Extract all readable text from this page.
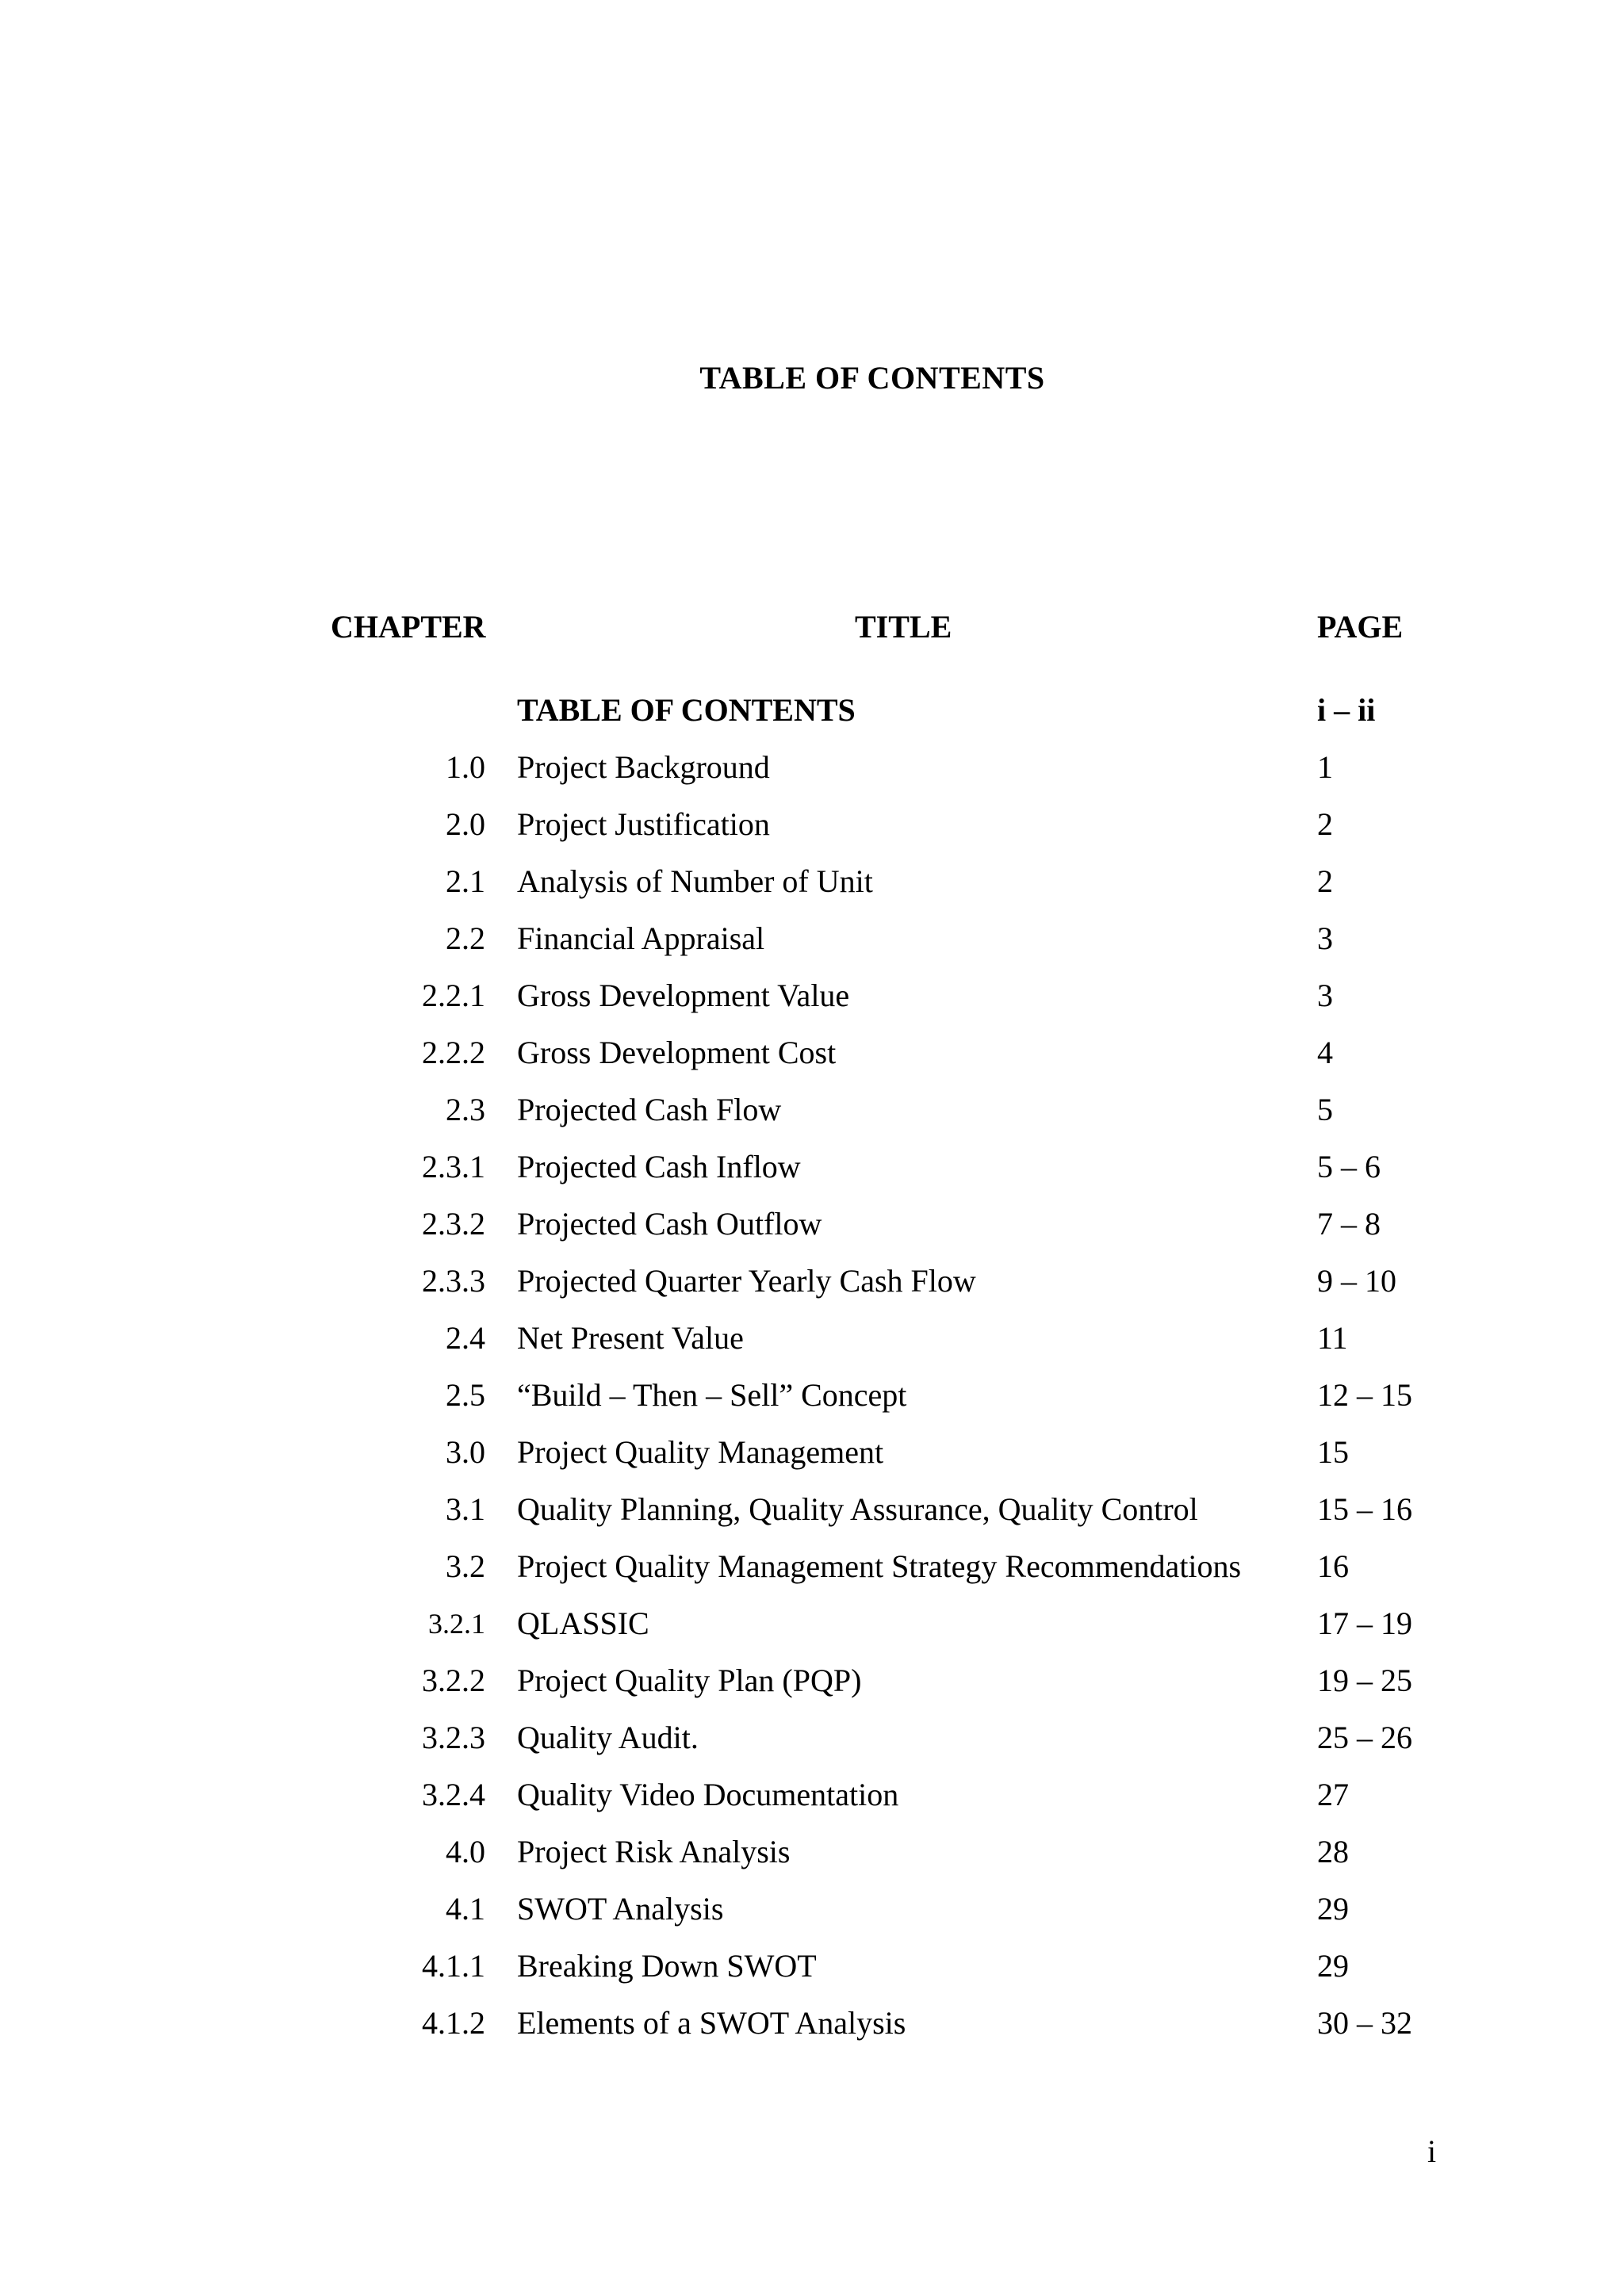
TABLE OF CONTENTS
CHAPTER	TITLE	PAGE
TABLE OF CONTENTS	i – ii
1.0 Project Background	1
2.0 Project Justification	2
2.1 Analysis of Number of Unit	2
2.2 Financial Appraisal	3
2.2.1 Gross Development Value	3
2.2.2 Gross Development Cost	4
2.3 Projected Cash Flow	5
2.3.1 Projected Cash Inflow	5 – 6
2.3.2 Projected Cash Outflow	7 – 8
2.3.3 Projected Quarter Yearly Cash Flow	9 – 10
2.4 Net Present Value	11
2.5 “Build – Then – Sell” Concept	12 – 15
3.0 Project Quality Management	15
3.1 Quality Planning, Quality Assurance, Quality Control	15 – 16
3.2 Project Quality Management Strategy Recommendations 16
3.2.1 QLASSIC	17 – 19
3.2.2 Project Quality Plan (PQP)	19 – 25
3.2.3 Quality Audit.	25 – 26
3.2.4 Quality Video Documentation	27
4.0 Project Risk Analysis	28
4.1 SWOT Analysis	29
4.1.1 Breaking Down SWOT	29
4.1.2 Elements of a SWOT Analysis	30 – 32
i
